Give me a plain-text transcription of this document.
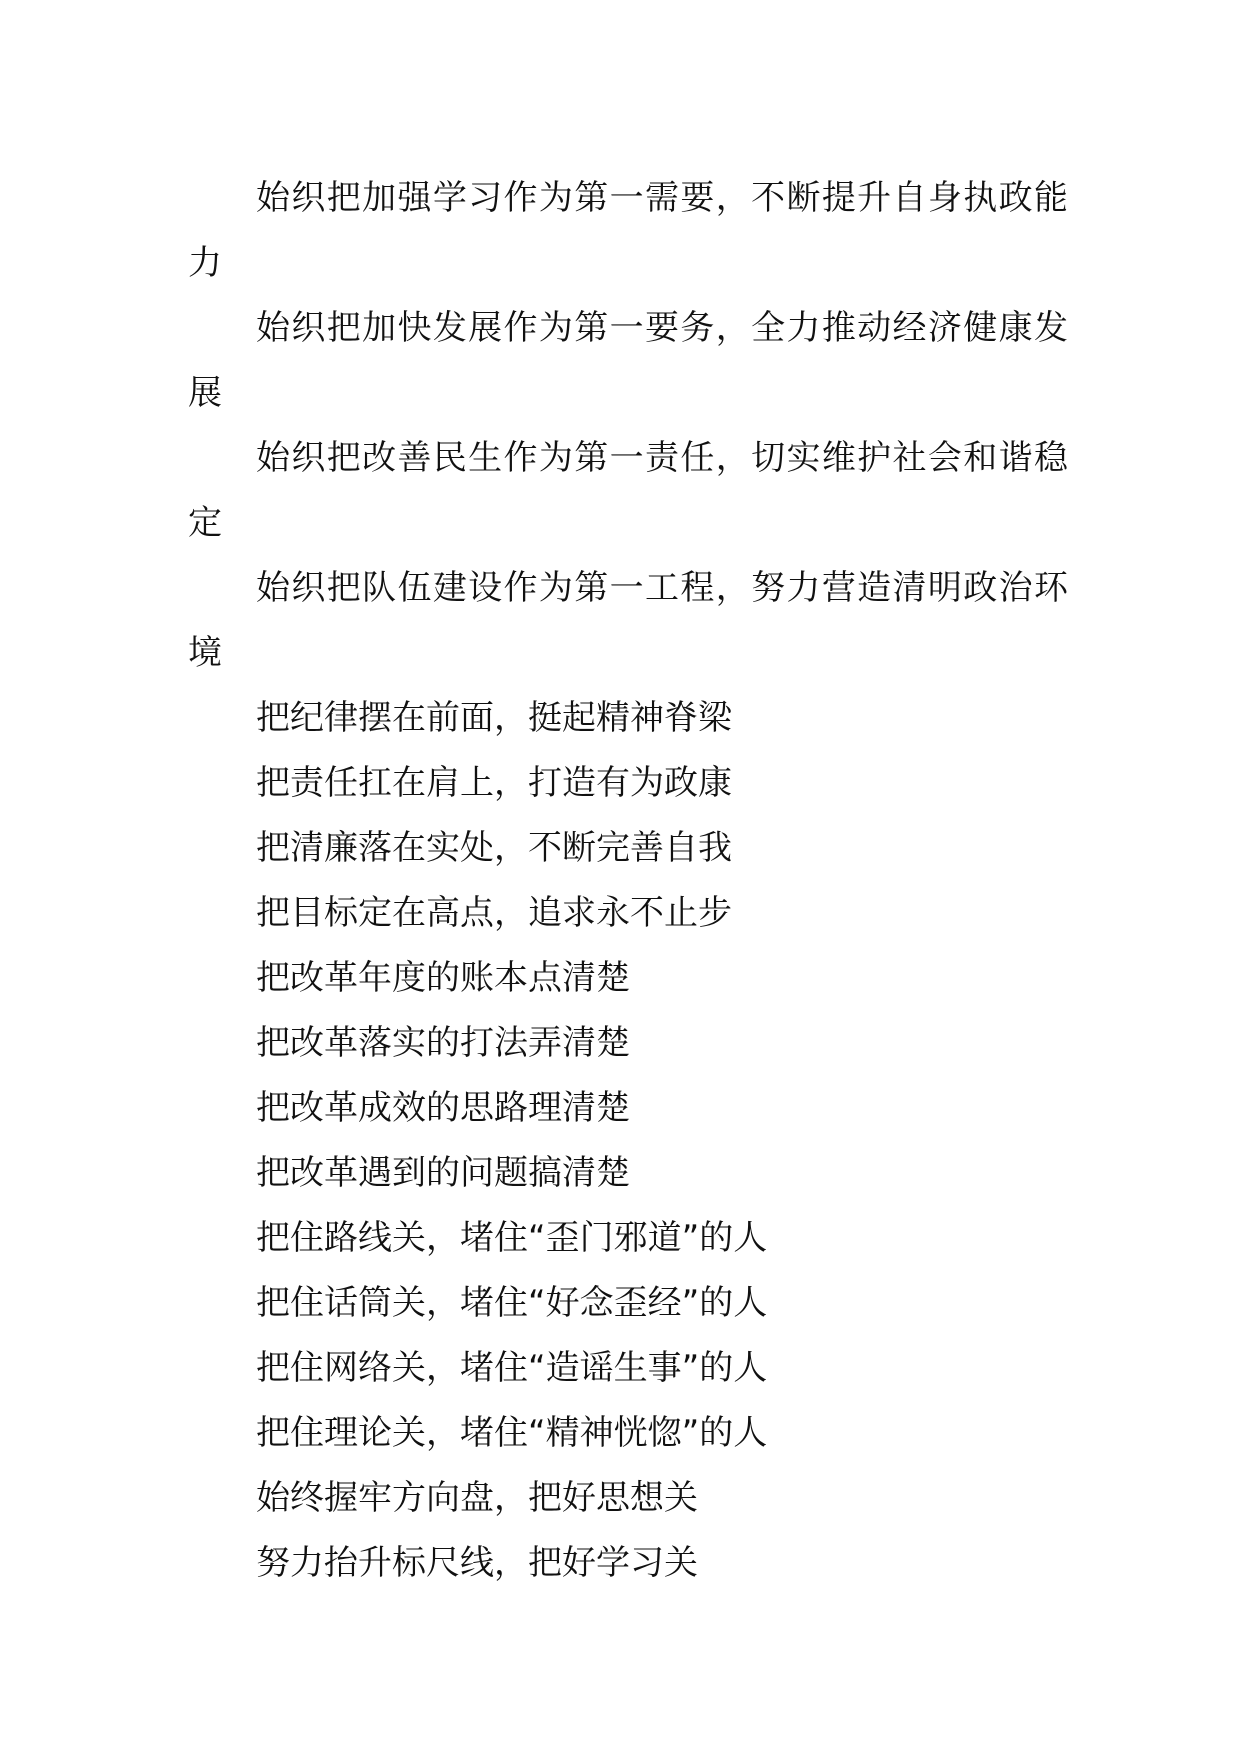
始织把加强学习作为第一需要，不断提升自身执政能力

始织把加快发展作为第一要务，全力推动经济健康发展

始织把改善民生作为第一责任，切实维护社会和谐稳定

始织把队伍建设作为第一工程，努力营造清明政治环境

把纪律摆在前面，挺起精神脊梁

把责任扛在肩上，打造有为政康

把清廉落在实处，不断完善自我

把目标定在高点，追求永不止步

把改革年度的账本点清楚

把改革落实的打法弄清楚

把改革成效的思路理清楚

把改革遇到的问题搞清楚

把住路线关，堵住“歪门邪道”的人

把住话筒关，堵住“好念歪经”的人

把住网络关，堵住“造谣生事”的人

把住理论关，堵住“精神恍惚”的人

始终握牢方向盘，把好思想关

努力抬升标尺线，把好学习关
